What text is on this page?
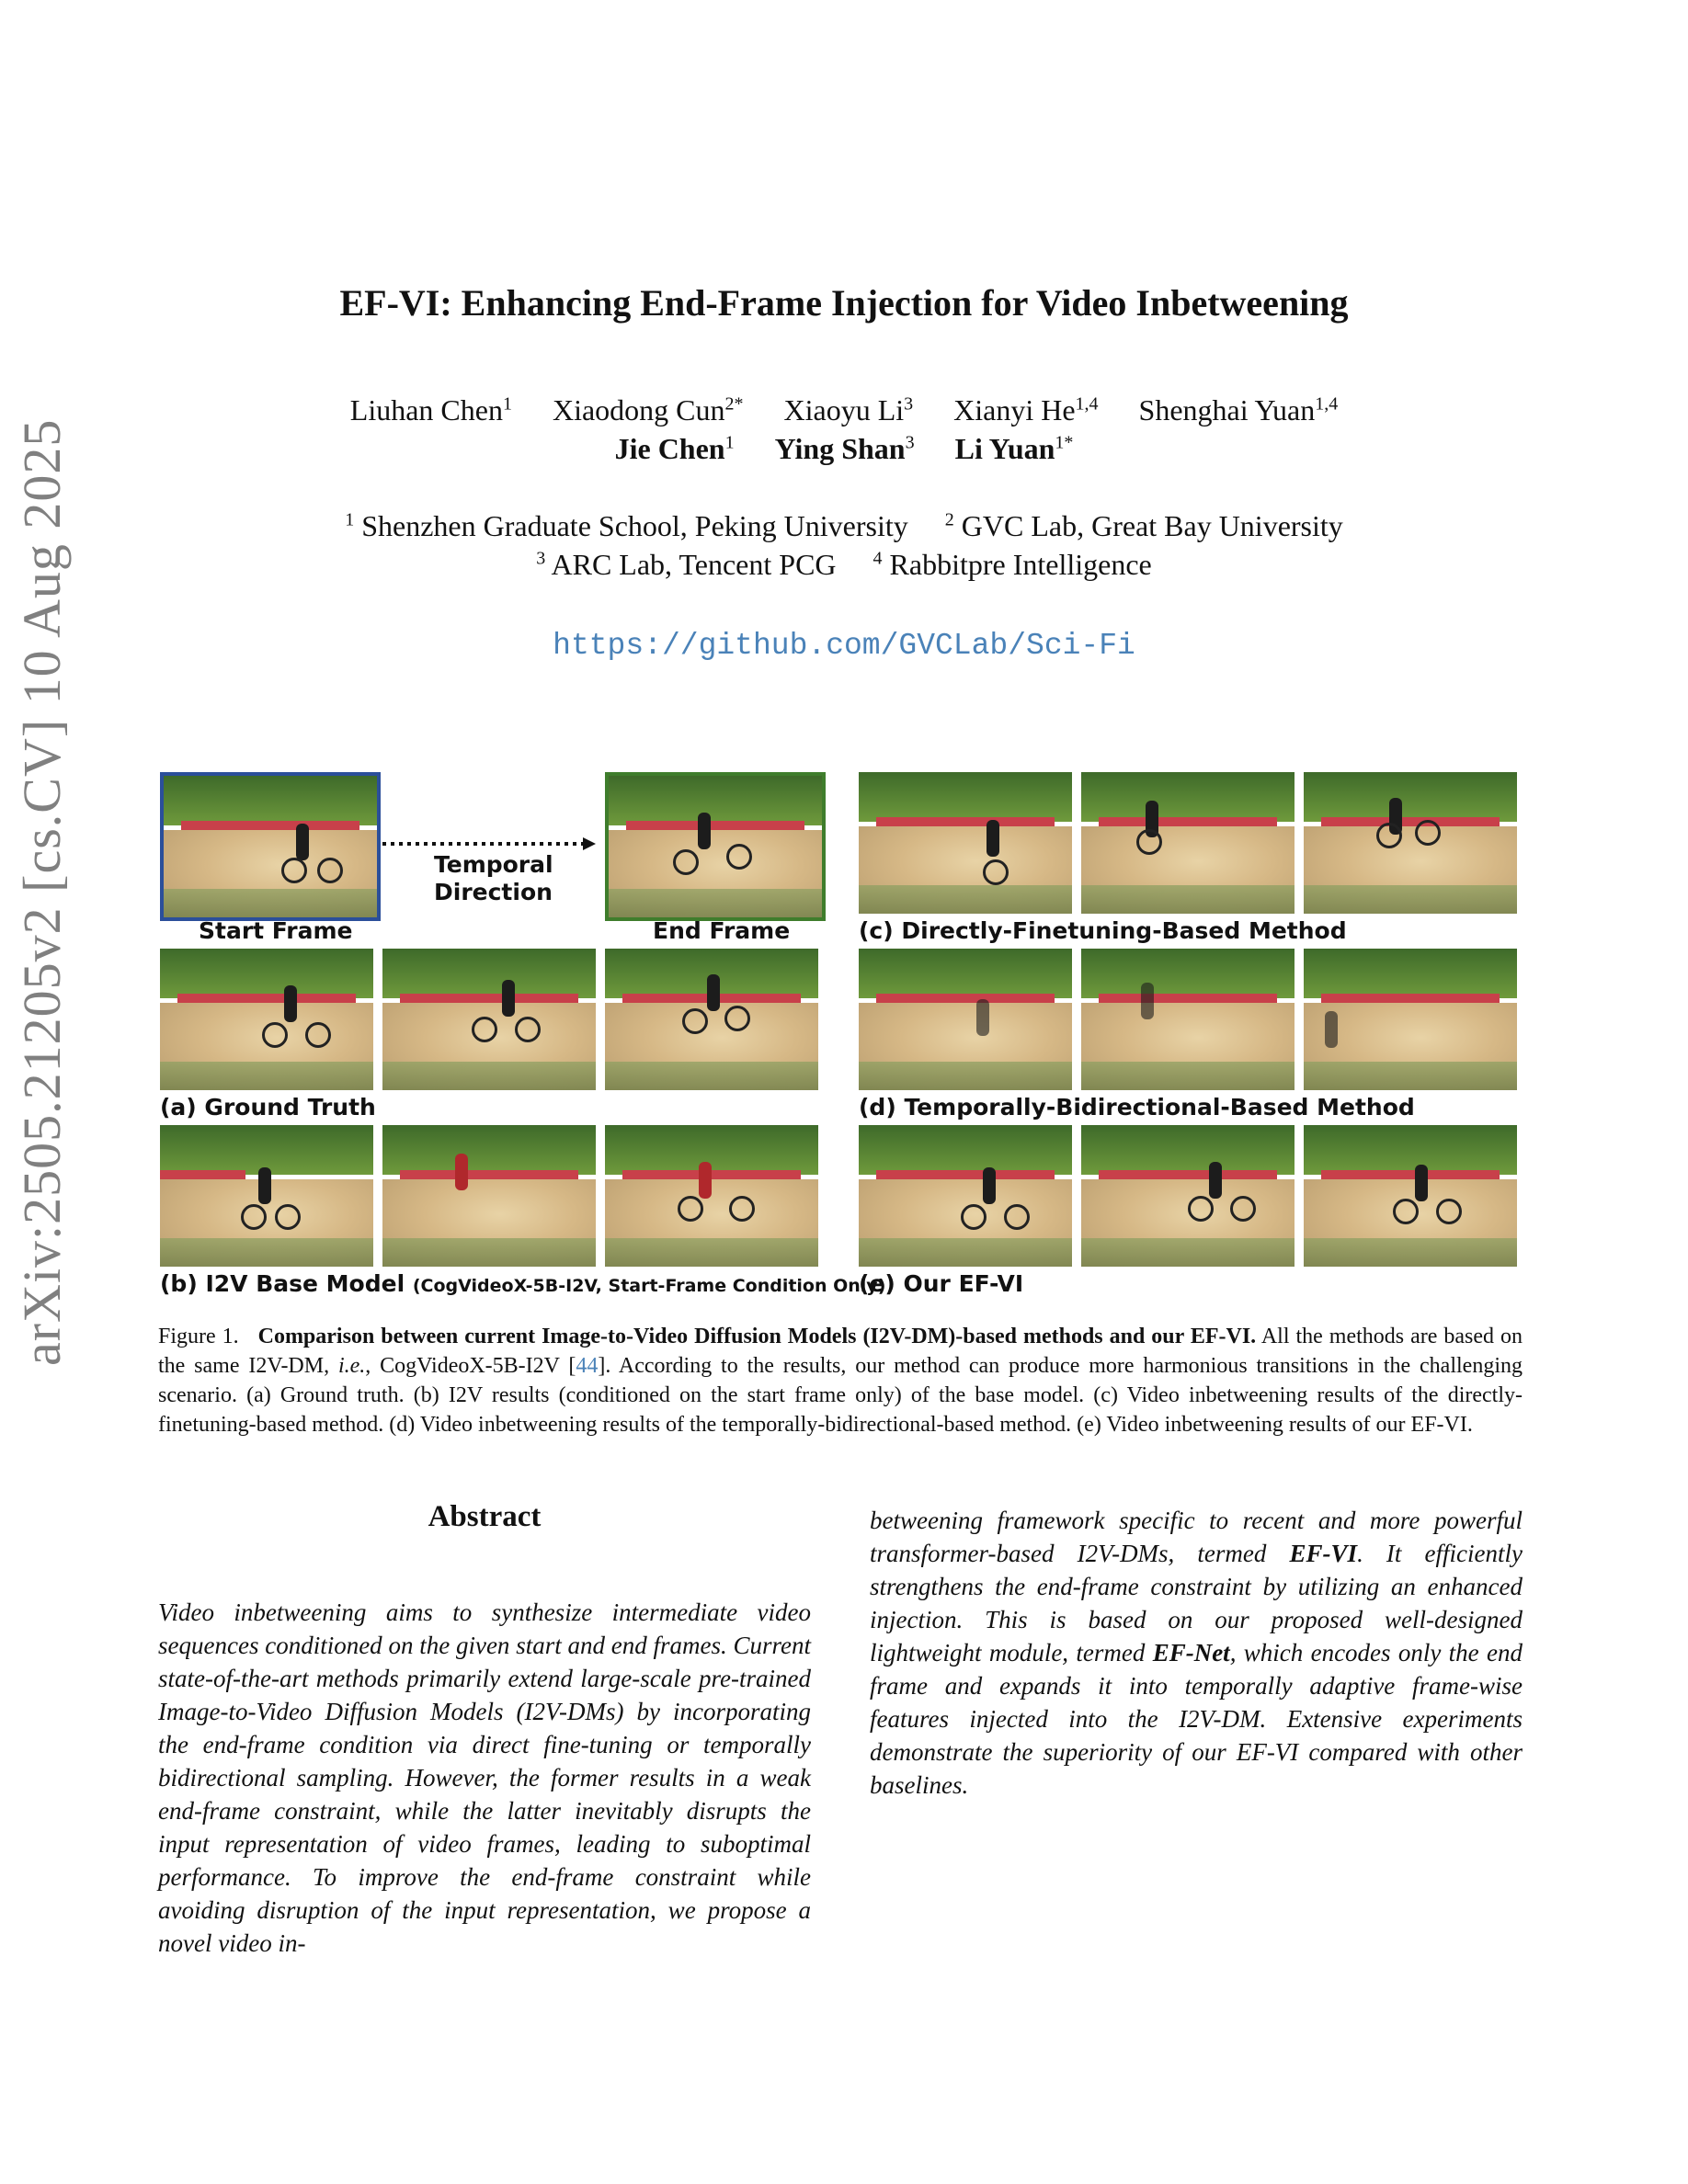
arXiv:2505.21205v2 [cs.CV] 10 Aug 2025
EF-VI: Enhancing End-Frame Injection for Video Inbetweening
Liuhan Chen$^1$ Xiaodong Cun$^{2*}$ Xiaoyu Li$^3$ Xianyi He$^{1,4}$ Shenghai Yuan$^{1,4}$
Jie Chen$^1$ Ying Shan$^3$ Li Yuan$^{1*}$
$^1$ Shenzhen Graduate School, Peking University $^2$ GVC Lab, Great Bay University
$^3$ ARC Lab, Tencent PCG $^4$ Rabbitpre Intelligence
https://github.com/GVCLab/Sci-Fi
Start Frame
Temporal
Direction
End Frame	(c) Directly-Finetuning-Based Method
(a) Ground Truth	(d) Temporally-Bidirectional-Based Method
(b) I2V Base Model (CogVideoX-5B-I2V, Start-Frame Condition Only)
(e) Our EF-VI
Figure 1. Comparison between current Image-to-Video Diffusion Models (I2V-DM)-based methods and our EF-VI. All the methods are based on the same I2V-DM, i.e., CogVideoX-5B-I2V [44]. According to the results, our method can produce more harmonious transitions in the challenging scenario. (a) Ground truth. (b) I2V results (conditioned on the start frame only) of the base model. (c) Video inbetweening results of the directly-finetuning-based method. (d) Video inbetweening results of the temporally-bidirectional-based method. (e) Video inbetweening results of our EF-VI.
Abstract
Video inbetweening aims to synthesize intermediate video sequences conditioned on the given start and end frames. Current state-of-the-art methods primarily extend large-scale pre-trained Image-to-Video Diffusion Models (I2V-DMs) by incorporating the end-frame condition via direct fine-tuning or temporally bidirectional sampling. However, the former results in a weak end-frame constraint, while the latter inevitably disrupts the input representation of video frames, leading to suboptimal performance. To improve the end-frame constraint while avoiding disruption of the input representation, we propose a novel video in-
betweening framework specific to recent and more powerful transformer-based I2V-DMs, termed EF-VI. It efficiently strengthens the end-frame constraint by utilizing an enhanced injection. This is based on our proposed well-designed lightweight module, termed EF-Net, which encodes only the end frame and expands it into temporally adaptive frame-wise features injected into the I2V-DM. Extensive experiments demonstrate the superiority of our EF-VI compared with other baselines.
